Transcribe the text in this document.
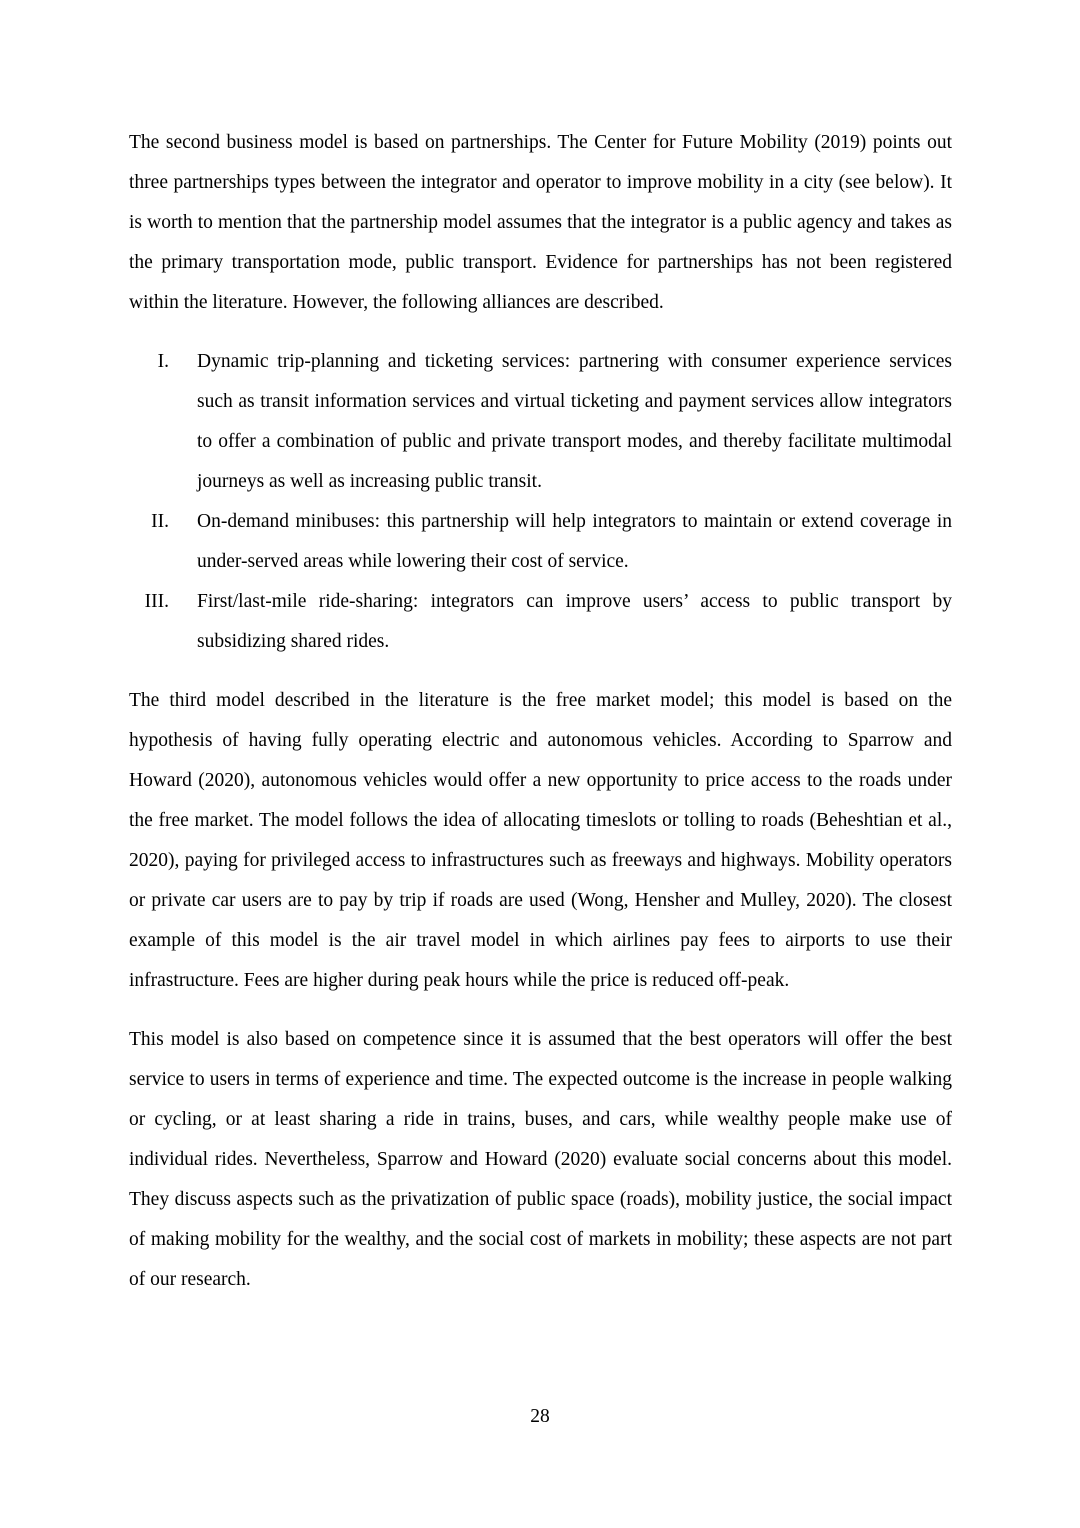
The second business model is based on partnerships. The Center for Future Mobility (2019) points out three partnerships types between the integrator and operator to improve mobility in a city (see below). It is worth to mention that the partnership model assumes that the integrator is a public agency and takes as the primary transportation mode, public transport. Evidence for partnerships has not been registered within the literature. However, the following alliances are described.

I. Dynamic trip-planning and ticketing services: partnering with consumer experience services such as transit information services and virtual ticketing and payment services allow integrators to offer a combination of public and private transport modes, and thereby facilitate multimodal journeys as well as increasing public transit.
II. On-demand minibuses: this partnership will help integrators to maintain or extend coverage in under-served areas while lowering their cost of service.
III. First/last-mile ride-sharing: integrators can improve users’ access to public transport by subsidizing shared rides.

The third model described in the literature is the free market model; this model is based on the hypothesis of having fully operating electric and autonomous vehicles. According to Sparrow and Howard (2020), autonomous vehicles would offer a new opportunity to price access to the roads under the free market. The model follows the idea of allocating timeslots or tolling to roads (Beheshtian et al., 2020), paying for privileged access to infrastructures such as freeways and highways. Mobility operators or private car users are to pay by trip if roads are used (Wong, Hensher and Mulley, 2020). The closest example of this model is the air travel model in which airlines pay fees to airports to use their infrastructure. Fees are higher during peak hours while the price is reduced off-peak.

This model is also based on competence since it is assumed that the best operators will offer the best service to users in terms of experience and time. The expected outcome is the increase in people walking or cycling, or at least sharing a ride in trains, buses, and cars, while wealthy people make use of individual rides. Nevertheless, Sparrow and Howard (2020) evaluate social concerns about this model. They discuss aspects such as the privatization of public space (roads), mobility justice, the social impact of making mobility for the wealthy, and the social cost of markets in mobility; these aspects are not part of our research.

28
